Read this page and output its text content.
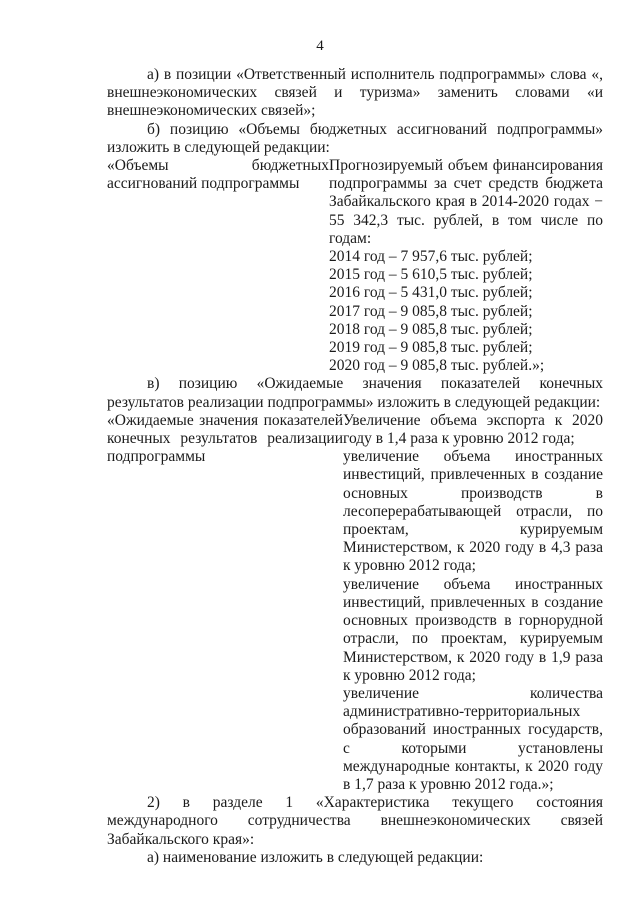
4

а) в позиции «Ответственный исполнитель подпрограммы» слова «, внешнеэкономических связей и туризма» заменить словами «и внешнеэкономических связей»;

б) позицию «Объемы бюджетных ассигнований подпрограммы» изложить в следующей редакции:

«Объемы бюджетных ассигнований подпрограммы

Прогнозируемый объем финансирования подпрограммы за счет средств бюджета Забайкальского края в 2014-2020 годах − 55 342,3 тыс. рублей, в том числе по годам:

2014 год – 7 957,6 тыс. рублей;
2015 год – 5 610,5 тыс. рублей;
2016 год – 5 431,0 тыс. рублей;
2017 год – 9 085,8 тыс. рублей;
2018 год – 9 085,8 тыс. рублей;
2019 год – 9 085,8 тыс. рублей;
2020 год – 9 085,8 тыс. рублей.»;

в) позицию «Ожидаемые значения показателей конечных результатов реализации подпрограммы» изложить в следующей редакции:

«Ожидаемые значения показателей конечных результатов реализации подпрограммы

Увеличение объема экспорта к 2020 году в 1,4 раза к уровню 2012 года;

увеличение объема иностранных инвестиций, привлеченных в создание основных производств в лесоперерабатывающей отрасли, по проектам, курируемым Министерством, к 2020 году в 4,3 раза к уровню 2012 года;

увеличение объема иностранных инвестиций, привлеченных в создание основных производств в горнорудной отрасли, по проектам, курируемым Министерством, к 2020 году в 1,9 раза к уровню 2012 года;

увеличение количества административно-территориальных образований иностранных государств, с которыми установлены международные контакты, к 2020 году в 1,7 раза к уровню 2012 года.»;

2) в разделе 1 «Характеристика текущего состояния международного сотрудничества внешнеэкономических связей Забайкальского края»:

а) наименование изложить в следующей редакции:
